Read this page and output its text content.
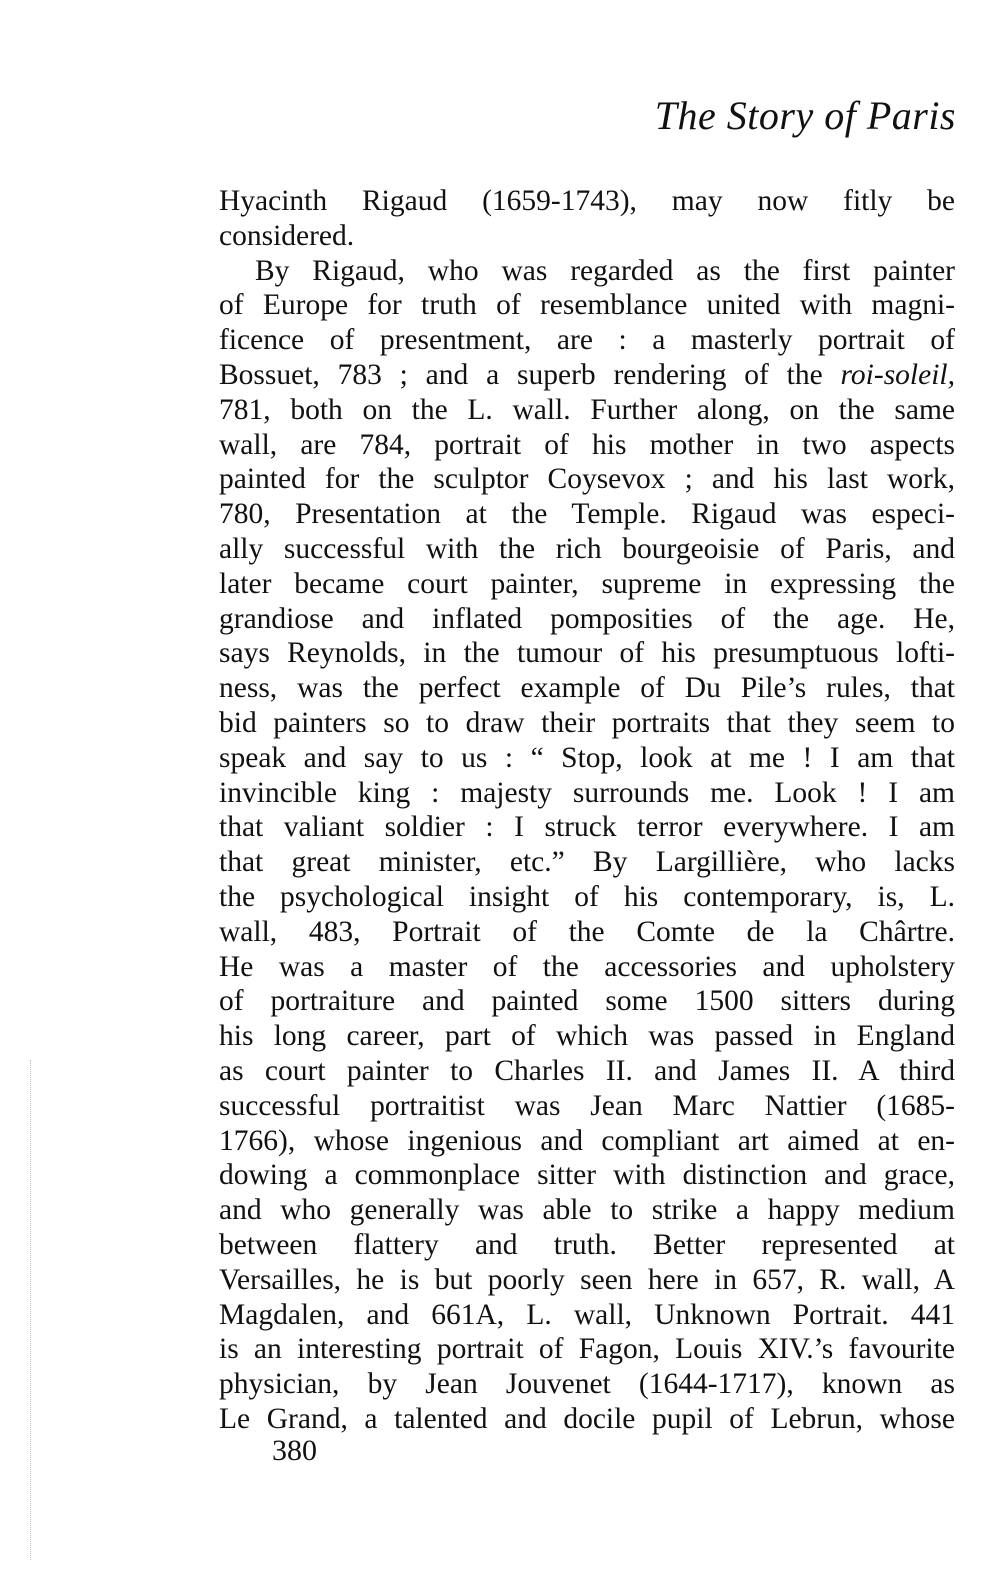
The Story of Paris
Hyacinth Rigaud (1659-1743), may now fitly be
considered.
By Rigaud, who was regarded as the first painter
of Europe for truth of resemblance united with magni-
ficence of presentment, are : a masterly portrait of
Bossuet, 783 ; and a superb rendering of the roi-soleil,
781, both on the L. wall. Further along, on the same
wall, are 784, portrait of his mother in two aspects
painted for the sculptor Coysevox ; and his last work,
780, Presentation at the Temple. Rigaud was especi-
ally successful with the rich bourgeoisie of Paris, and
later became court painter, supreme in expressing the
grandiose and inflated pomposities of the age. He,
says Reynolds, in the tumour of his presumptuous lofti-
ness, was the perfect example of Du Pile’s rules, that
bid painters so to draw their portraits that they seem to
speak and say to us : “ Stop, look at me ! I am that
invincible king : majesty surrounds me. Look ! I am
that valiant soldier : I struck terror everywhere. I am
that great minister, etc.” By Largillière, who lacks
the psychological insight of his contemporary, is, L.
wall, 483, Portrait of the Comte de la Chârtre.
He was a master of the accessories and upholstery
of portraiture and painted some 1500 sitters during
his long career, part of which was passed in England
as court painter to Charles II. and James II. A third
successful portraitist was Jean Marc Nattier (1685-
1766), whose ingenious and compliant art aimed at en-
dowing a commonplace sitter with distinction and grace,
and who generally was able to strike a happy medium
between flattery and truth. Better represented at
Versailles, he is but poorly seen here in 657, R. wall, A
Magdalen, and 661A, L. wall, Unknown Portrait. 441
is an interesting portrait of Fagon, Louis XIV.’s favourite
physician, by Jean Jouvenet (1644-1717), known as
Le Grand, a talented and docile pupil of Lebrun, whose
380
